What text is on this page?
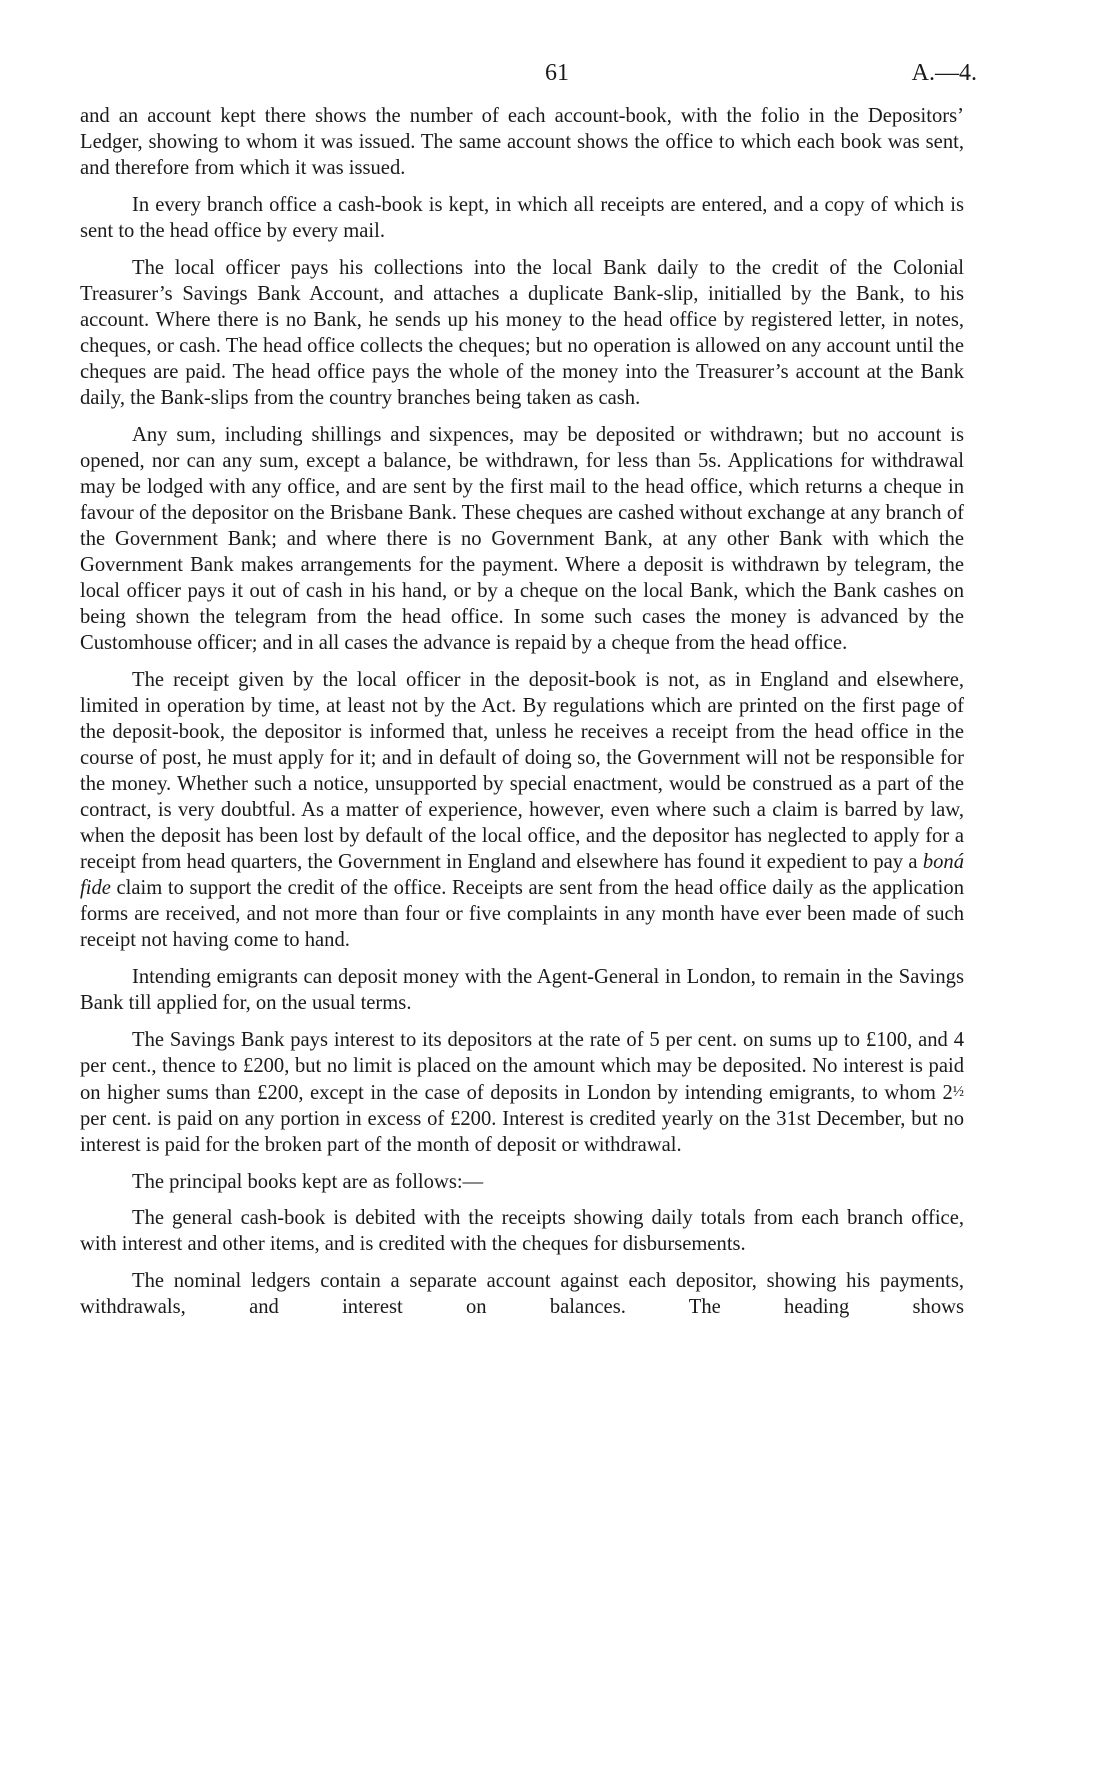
61	A.—4.

and an account kept there shows the number of each account-book, with the folio in the Depositors’ Ledger, showing to whom it was issued. The same account shows the office to which each book was sent, and therefore from which it was issued.

In every branch office a cash-book is kept, in which all receipts are entered, and a copy of which is sent to the head office by every mail.

The local officer pays his collections into the local Bank daily to the credit of the Colonial Treasurer’s Savings Bank Account, and attaches a duplicate Bank-slip, initialled by the Bank, to his account. Where there is no Bank, he sends up his money to the head office by registered letter, in notes, cheques, or cash. The head office collects the cheques; but no operation is allowed on any account until the cheques are paid. The head office pays the whole of the money into the Treasurer’s account at the Bank daily, the Bank-slips from the country branches being taken as cash.

Any sum, including shillings and sixpences, may be deposited or withdrawn; but no account is opened, nor can any sum, except a balance, be withdrawn, for less than 5s. Applications for withdrawal may be lodged with any office, and are sent by the first mail to the head office, which returns a cheque in favour of the depositor on the Brisbane Bank. These cheques are cashed without exchange at any branch of the Government Bank; and where there is no Government Bank, at any other Bank with which the Government Bank makes arrangements for the payment. Where a deposit is withdrawn by telegram, the local officer pays it out of cash in his hand, or by a cheque on the local Bank, which the Bank cashes on being shown the telegram from the head office. In some such cases the money is advanced by the Customhouse officer; and in all cases the advance is repaid by a cheque from the head office.

The receipt given by the local officer in the deposit-book is not, as in England and elsewhere, limited in operation by time, at least not by the Act. By regulations which are printed on the first page of the deposit-book, the depositor is informed that, unless he receives a receipt from the head office in the course of post, he must apply for it; and in default of doing so, the Government will not be responsible for the money. Whether such a notice, unsupported by special enactment, would be construed as a part of the contract, is very doubtful. As a matter of experience, however, even where such a claim is barred by law, when the deposit has been lost by default of the local office, and the depositor has neglected to apply for a receipt from head quarters, the Government in England and elsewhere has found it expedient to pay a boná fide claim to support the credit of the office. Receipts are sent from the head office daily as the application forms are received, and not more than four or five complaints in any month have ever been made of such receipt not having come to hand.

Intending emigrants can deposit money with the Agent-General in London, to remain in the Savings Bank till applied for, on the usual terms.

The Savings Bank pays interest to its depositors at the rate of 5 per cent. on sums up to £100, and 4 per cent., thence to £200, but no limit is placed on the amount which may be deposited. No interest is paid on higher sums than £200, except in the case of deposits in London by intending emigrants, to whom 2½ per cent. is paid on any portion in excess of £200. Interest is credited yearly on the 31st December, but no interest is paid for the broken part of the month of deposit or withdrawal.

The principal books kept are as follows:—

The general cash-book is debited with the receipts showing daily totals from each branch office, with interest and other items, and is credited with the cheques for disbursements.

The nominal ledgers contain a separate account against each depositor, showing his payments, withdrawals, and interest on balances. The heading shows
